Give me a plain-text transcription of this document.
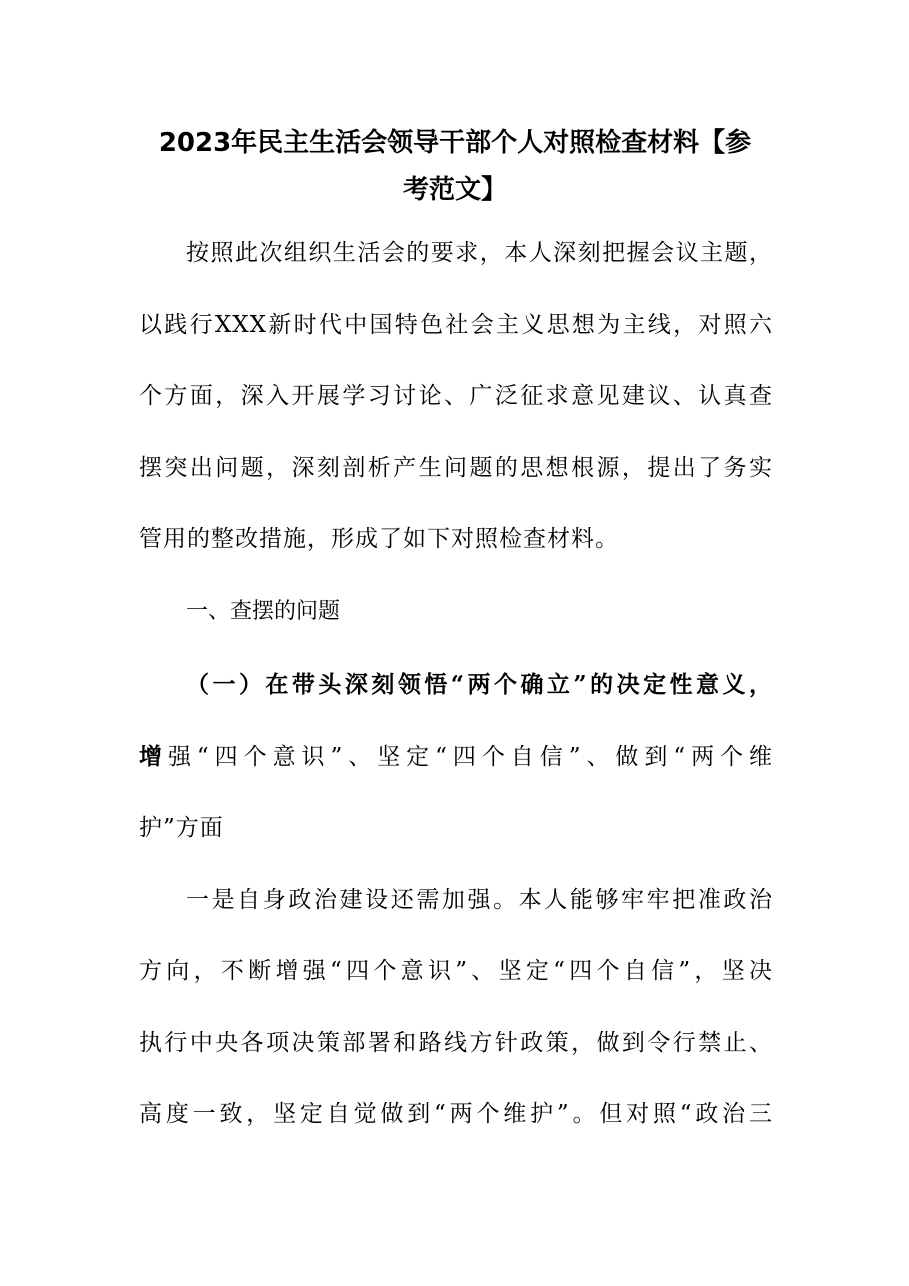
2023年民主生活会领导干部个人对照检查材料【参
考范文】
按照此次组织生活会的要求，本人深刻把握会议主题，
以践行XXX新时代中国特色社会主义思想为主线，对照六
个方面，深入开展学习讨论、广泛征求意见建议、认真查
摆突出问题，深刻剖析产生问题的思想根源，提出了务实
管用的整改措施，形成了如下对照检查材料。
一、查摆的问题
（一）在带头深刻领悟“两个确立”的决定性意义，
增强“四个意识”、坚定“四个自信”、做到“两个维
护”方面
一是自身政治建设还需加强。本人能够牢牢把准政治
方向，不断增强“四个意识”、坚定“四个自信”，坚决
执行中央各项决策部署和路线方针政策，做到令行禁止、
高度一致，坚定自觉做到“两个维护”。但对照“政治三
